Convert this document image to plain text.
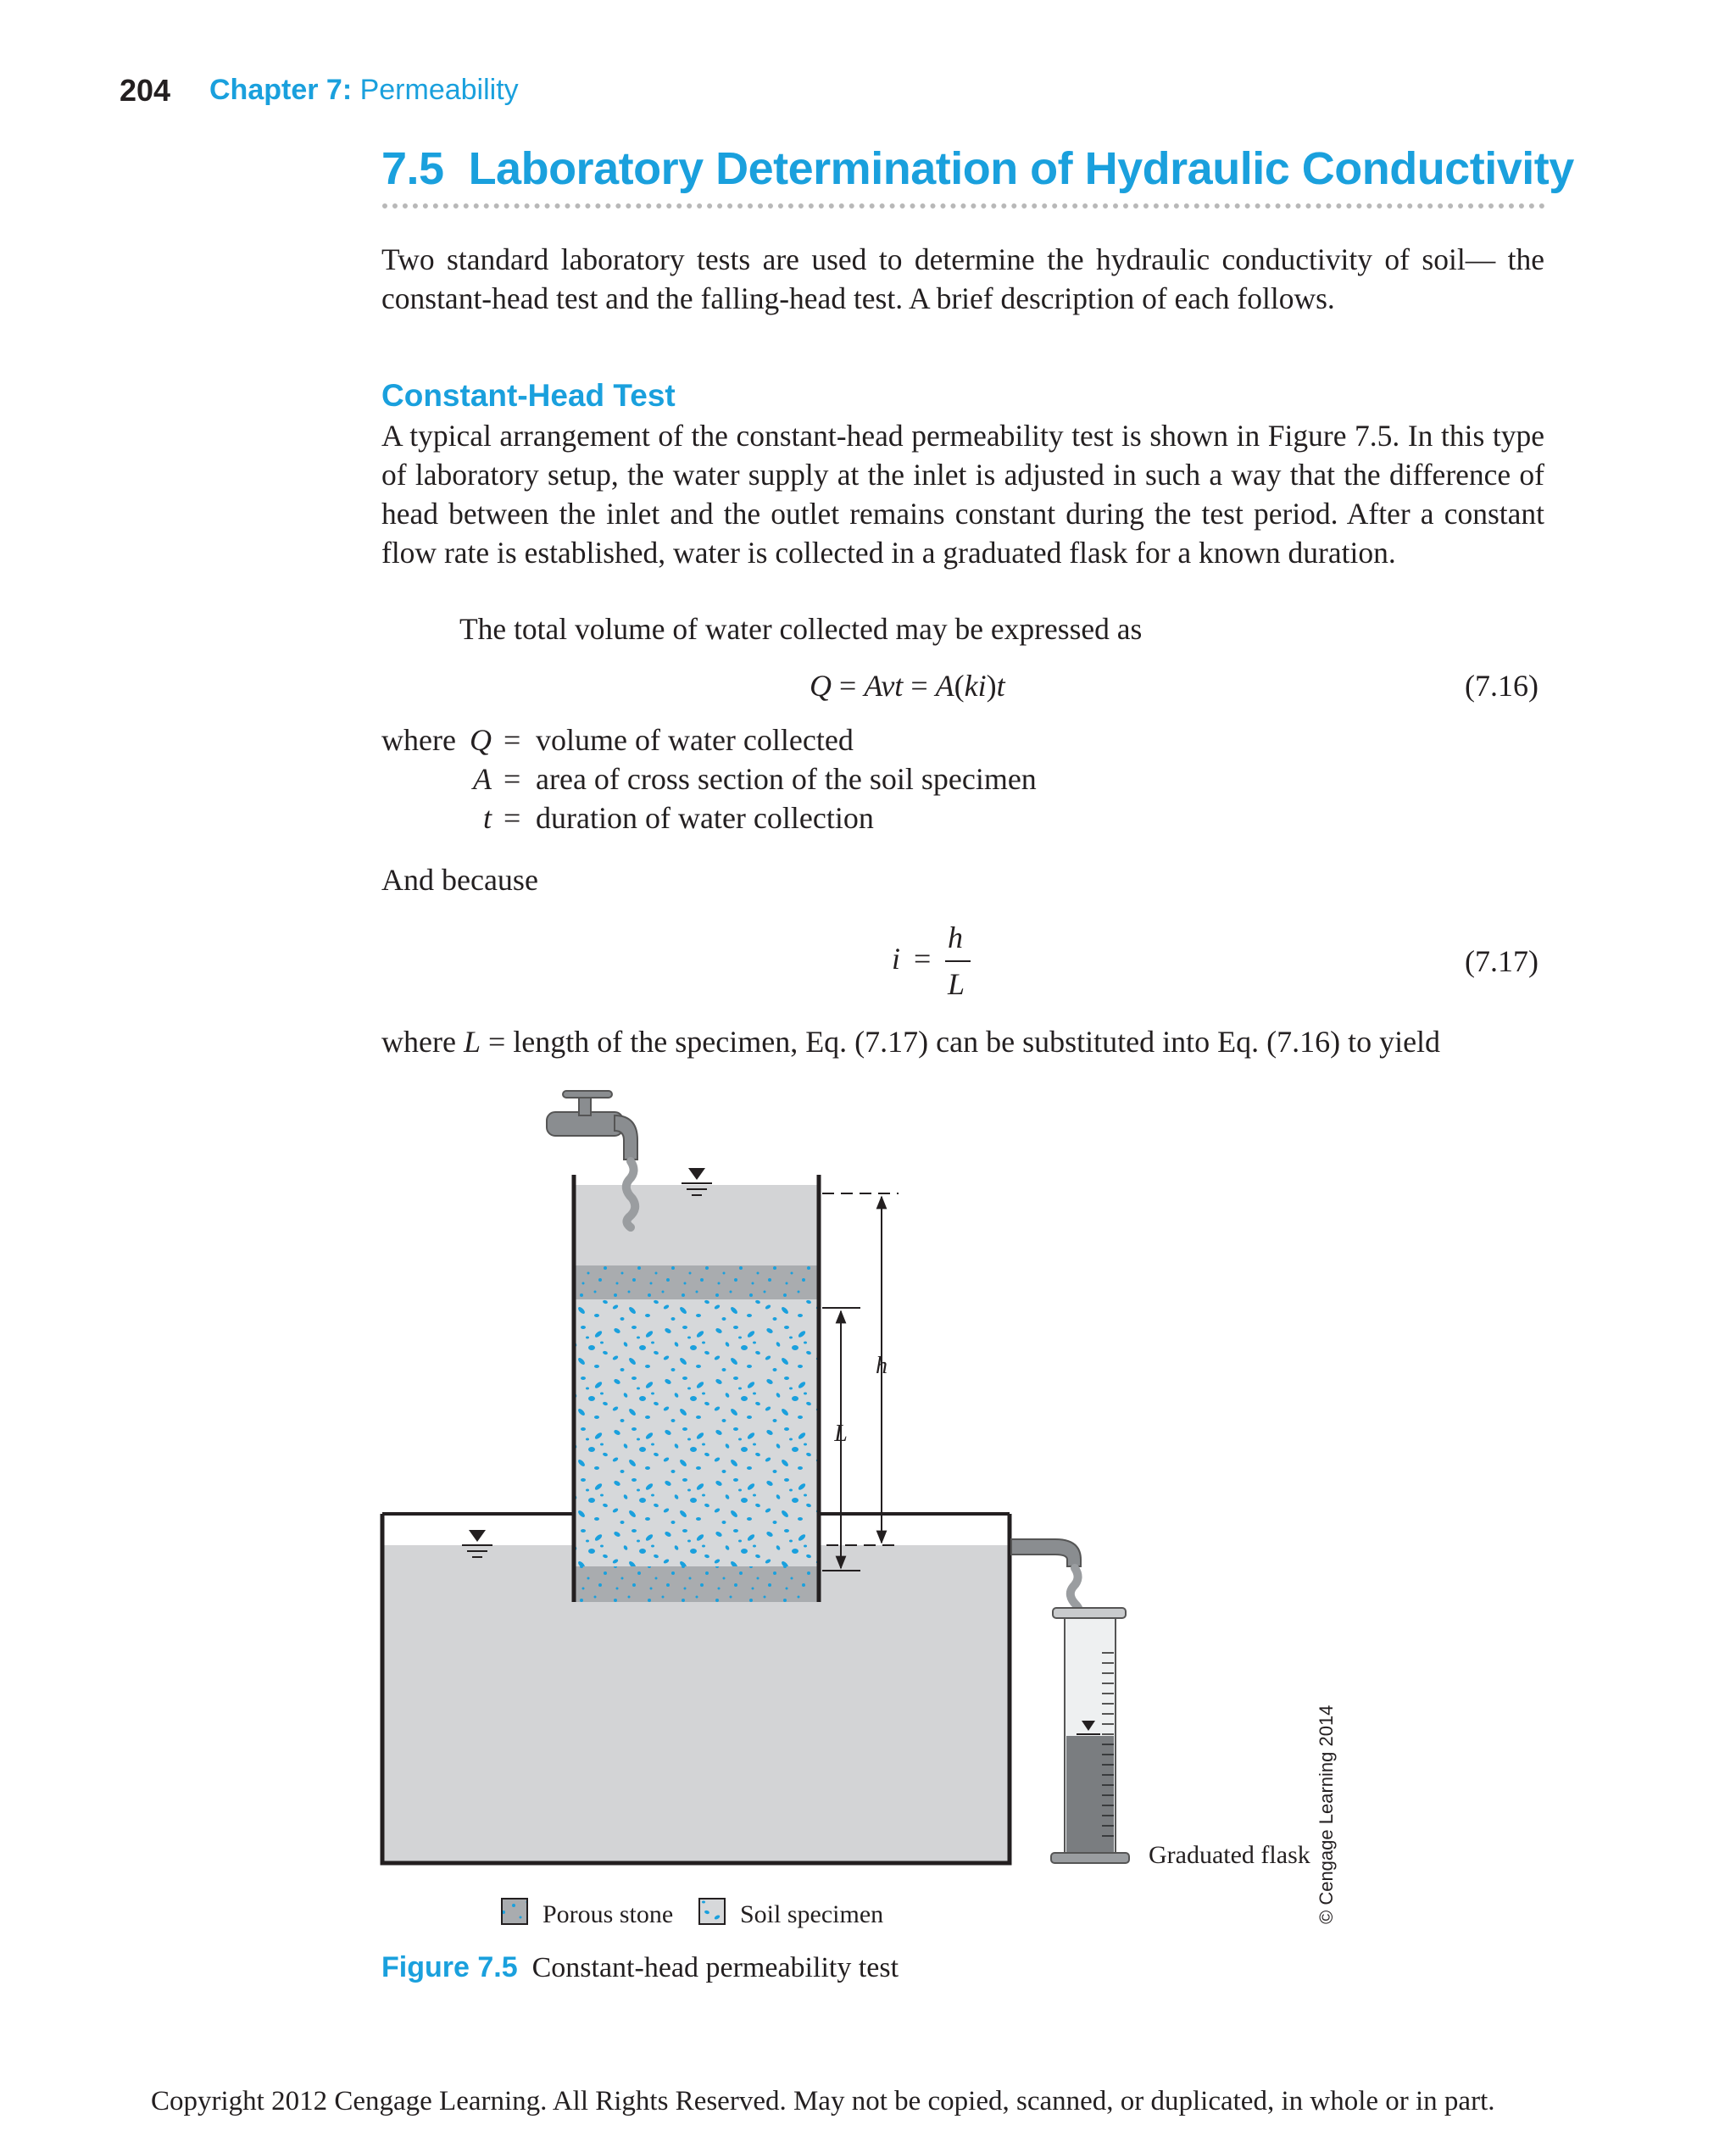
204 Chapter 7: Permeability
7.5  Laboratory Determination of Hydraulic Conductivity
Two standard laboratory tests are used to determine the hydraulic conductivity of soil— the constant-head test and the falling-head test. A brief description of each follows.
Constant-Head Test
A typical arrangement of the constant-head permeability test is shown in Figure 7.5. In this type of laboratory setup, the water supply at the inlet is adjusted in such a way that the difference of head between the inlet and the outlet remains constant during the test period. After a constant flow rate is established, water is collected in a graduated flask for a known duration.
The total volume of water collected may be expressed as
Q = Avt = A(ki)t	(7.16)
where Q = volume of water collected
A = area of cross section of the soil specimen
t = duration of water collection
And because
i =
h
L
(7.17)
where L = length of the specimen, Eq. (7.17) can be substituted into Eq. (7.16) to yield
h
L
Graduated flask
Porous stone	Soil specimen	© Cengage Learning 2014
Figure 7.5 Constant-head permeability test
Copyright 2012 Cengage Learning. All Rights Reserved. May not be copied, scanned, or duplicated, in whole or in part.
